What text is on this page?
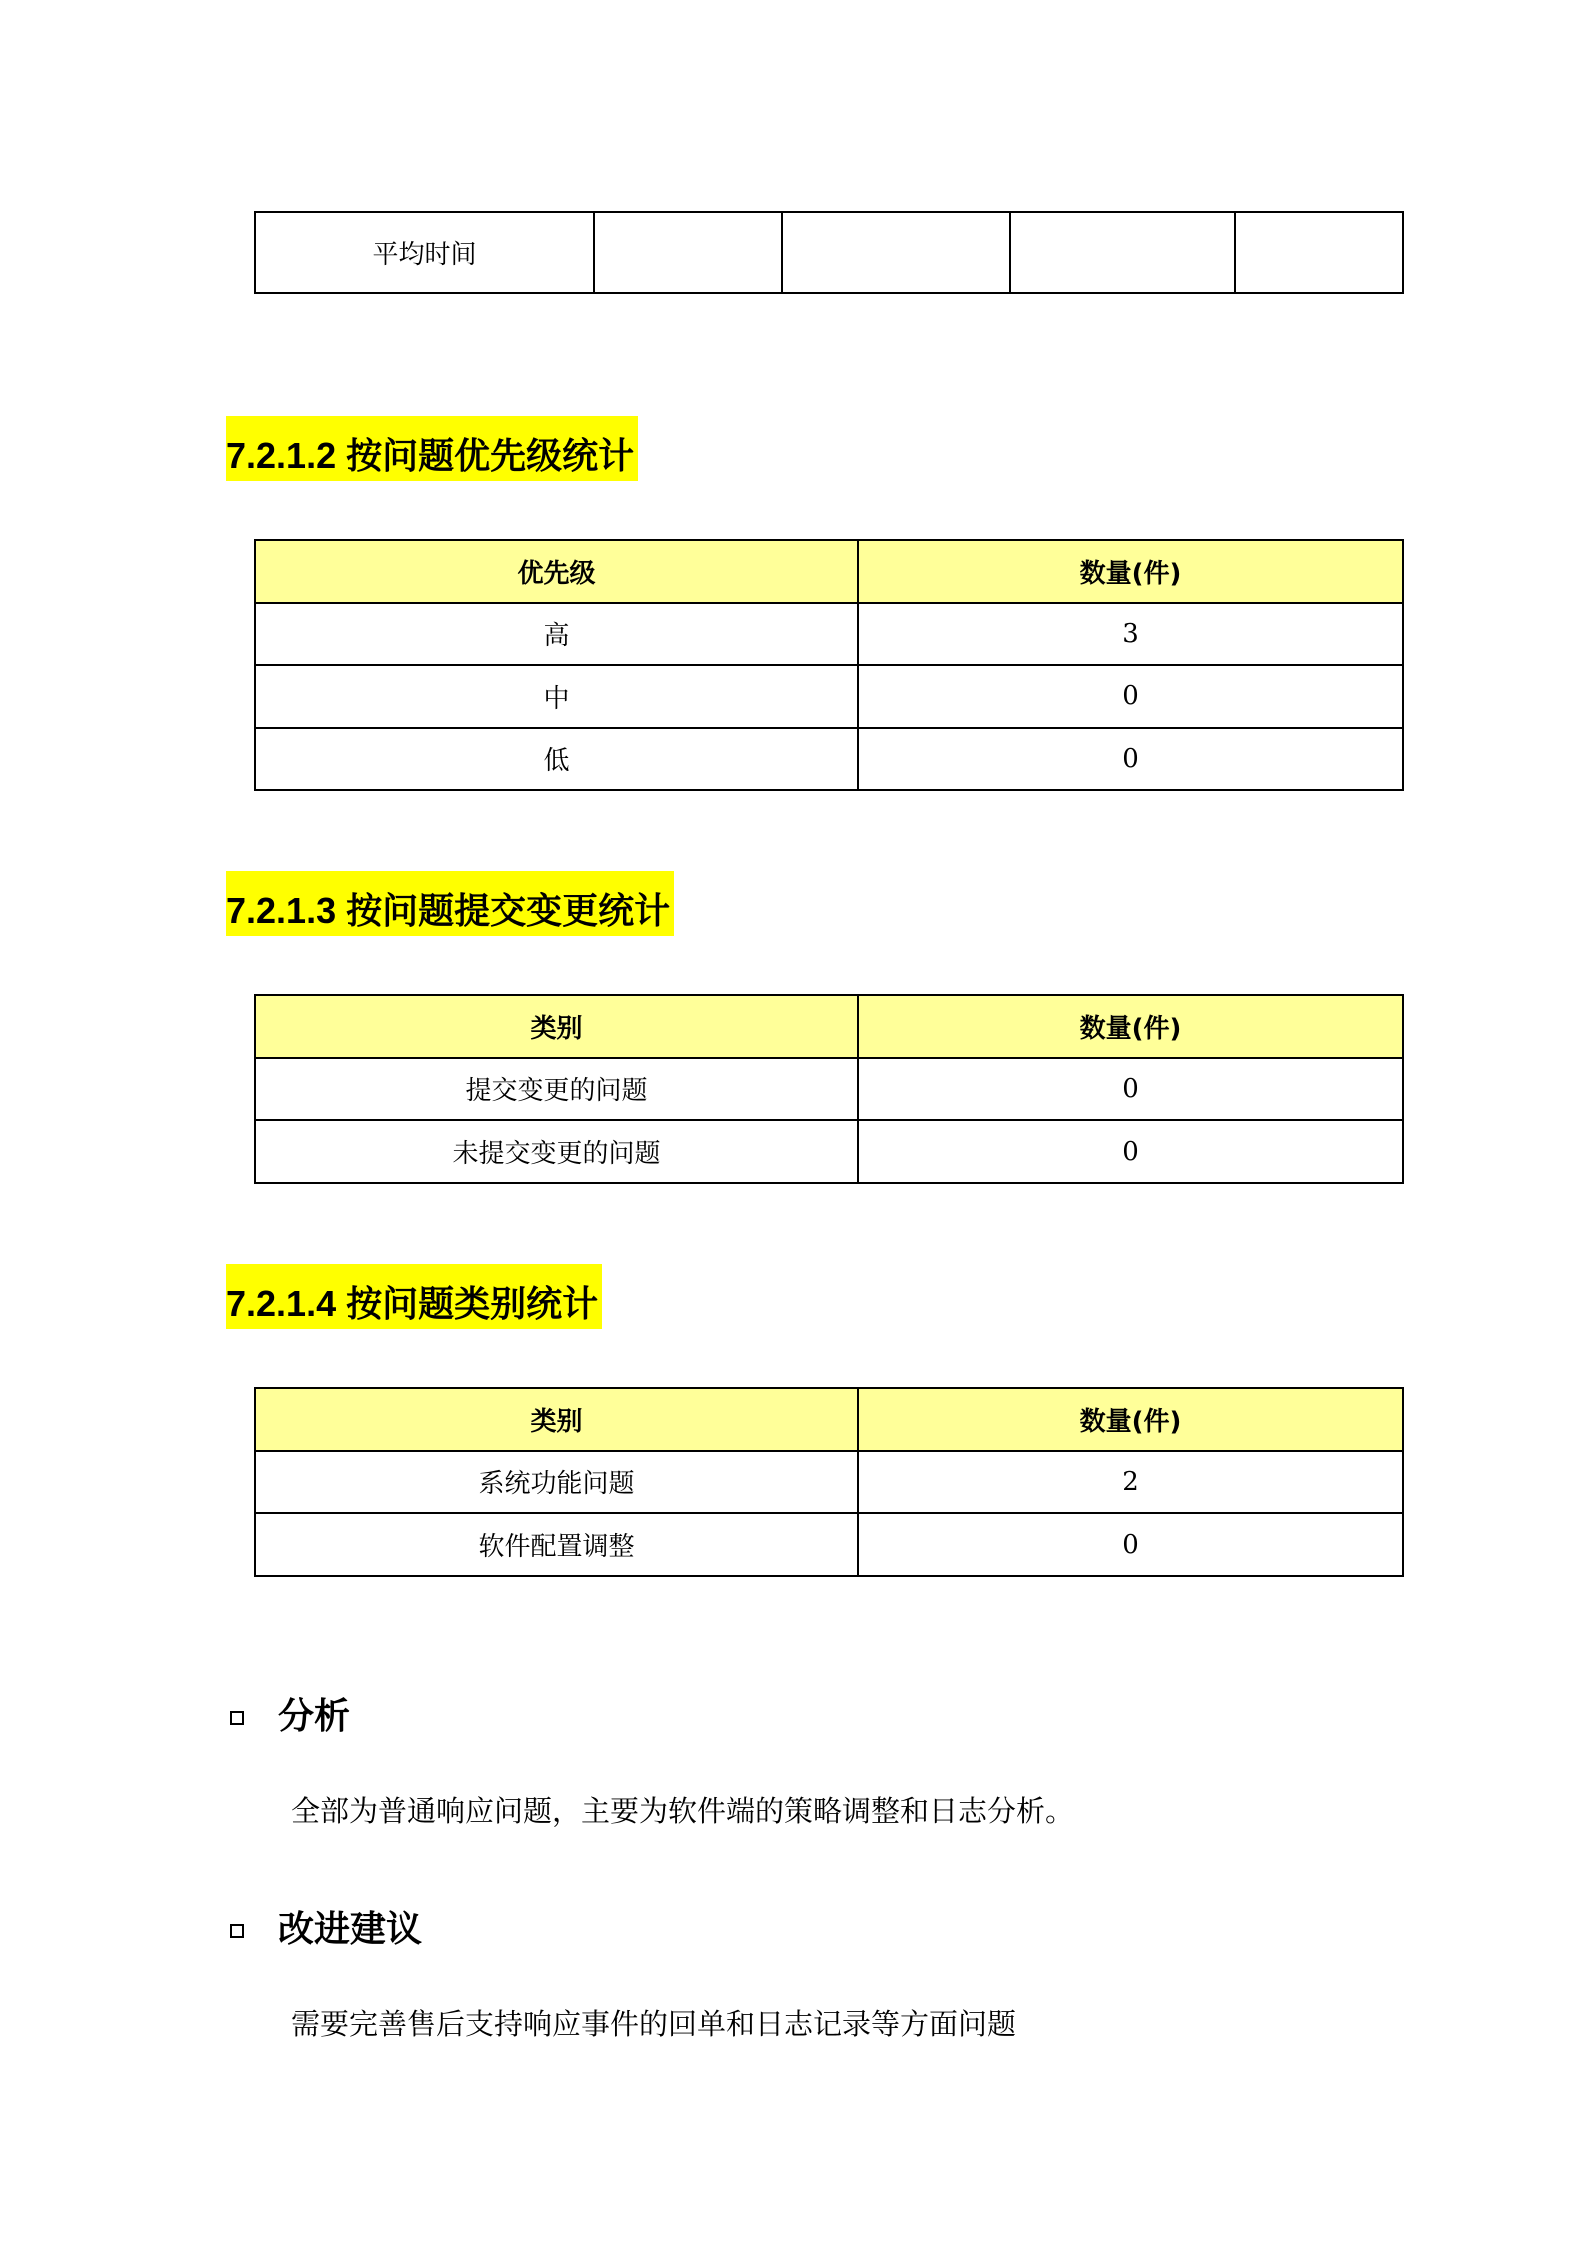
平均时间				
7.2.1.2 按问题优先级统计
优先级	数量(件)
高	3
中	0
低	0
7.2.1.3 按问题提交变更统计
类别	数量(件)
提交变更的问题	0
未提交变更的问题	0
7.2.1.4 按问题类别统计
类别	数量(件)
系统功能问题	2
软件配置调整	0
分析
全部为普通响应问题，主要为软件端的策略调整和日志分析。
改进建议
需要完善售后支持响应事件的回单和日志记录等方面问题
